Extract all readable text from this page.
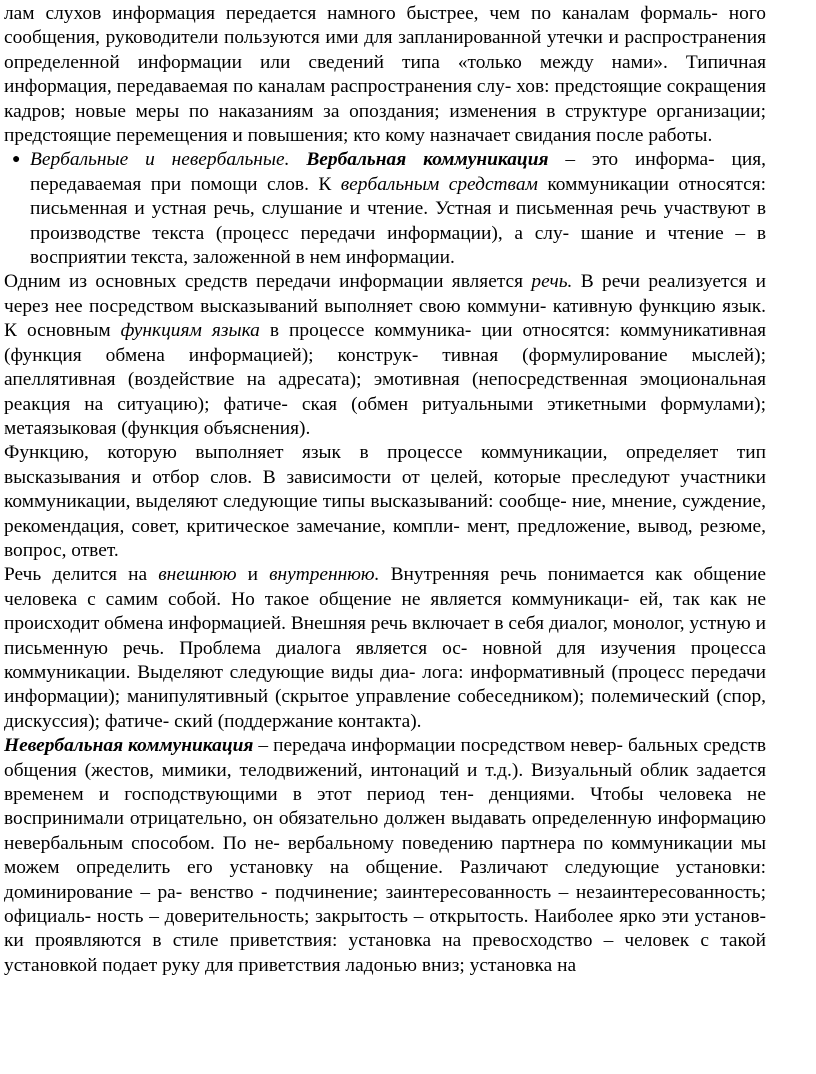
лам слухов информация передается намного быстрее, чем по каналам формаль- ного сообщения, руководители пользуются ими для запланированной утечки и распространения определенной информации или сведений типа «только между нами». Типичная информация, передаваемая по каналам распространения слу- хов: предстоящие сокращения кадров; новые меры по наказаниям за опоздания; изменения в структуре организации; предстоящие перемещения и повышения; кто кому назначает свидания после работы.

● Вербальные и невербальные. Вербальная коммуникация – это информа- ция, передаваемая при помощи слов. К вербальным средствам коммуникации относятся: письменная и устная речь, слушание и чтение. Устная и письменная речь участвуют в производстве текста (процесс передачи информации), а слу- шание и чтение – в восприятии текста, заложенной в нем информации.

Одним из основных средств передачи информации является речь. В речи реализуется и через нее посредством высказываний выполняет свою коммуни- кативную функцию язык. К основным функциям языка в процессе коммуника- ции относятся: коммуникативная (функция обмена информацией); конструк- тивная (формулирование мыслей); апеллятивная (воздействие на адресата); эмотивная (непосредственная эмоциональная реакция на ситуацию); фатиче- ская (обмен ритуальными этикетными формулами); метаязыковая (функция объяснения).

Функцию, которую выполняет язык в процессе коммуникации, определяет тип высказывания и отбор слов. В зависимости от целей, которые преследуют участники коммуникации, выделяют следующие типы высказываний: сообще- ние, мнение, суждение, рекомендация, совет, критическое замечание, компли- мент, предложение, вывод, резюме, вопрос, ответ.

Речь делится на внешнюю и внутреннюю. Внутренняя речь понимается как общение человека с самим собой. Но такое общение не является коммуникаци- ей, так как не происходит обмена информацией. Внешняя речь включает в себя диалог, монолог, устную и письменную речь. Проблема диалога является ос- новной для изучения процесса коммуникации. Выделяют следующие виды диа- лога: информативный (процесс передачи информации); манипулятивный (скрытое управление собеседником); полемический (спор, дискуссия); фатиче- ский (поддержание контакта).

Невербальная коммуникация – передача информации посредством невер- бальных средств общения (жестов, мимики, телодвижений, интонаций и т.д.). Визуальный облик задается временем и господствующими в этот период тен- денциями. Чтобы человека не воспринимали отрицательно, он обязательно должен выдавать определенную информацию невербальным способом. По не- вербальному поведению партнера по коммуникации мы можем определить его установку на общение. Различают следующие установки: доминирование – ра- венство - подчинение; заинтересованность – незаинтересованность; официаль- ность – доверительность; закрытость – открытость. Наиболее ярко эти установ- ки проявляются в стиле приветствия: установка на превосходство – человек с такой установкой подает руку для приветствия ладонью вниз; установка на
